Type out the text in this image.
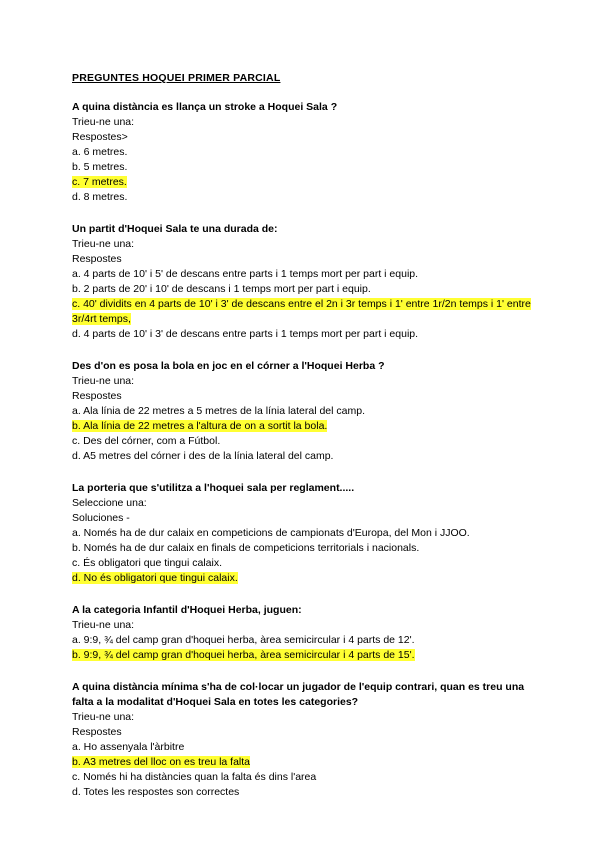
PREGUNTES HOQUEI PRIMER PARCIAL

A quina distància es llança un stroke a Hoquei Sala ?

Trieu-ne una:

Respostes>

a. 6 metres.

b. 5 metres.

c. 7 metres.

d. 8 metres.

Un partit d'Hoquei Sala te una durada de:

Trieu-ne una:

Respostes

a. 4 parts de 10' i 5' de descans entre parts i 1 temps mort per part i equip.

b. 2 parts de 20' i 10' de descans i 1 temps mort per part i equip.

c. 40' dividits en 4 parts de 10' i 3' de descans entre el 2n i 3r temps i 1' entre 1r/2n temps i 1' entre 3r/4rt temps,

d. 4 parts de 10' i 3' de descans entre parts i 1 temps mort per part i equip.

Des d'on es posa la bola en joc en el córner a l'Hoquei Herba ?

Trieu-ne una:

Respostes

a. Ala línia de 22 metres a 5 metres de la línia lateral del camp.

b. Ala línia de 22 metres a l'altura de on a sortit la bola.

c. Des del córner, com a Fútbol.

d. A5 metres del córner i des de la línia lateral del camp.

La porteria que s'utilitza a l'hoquei sala per reglament.....

Seleccione una:

Soluciones -

a. Només ha de dur calaix en competicions de campionats d'Europa, del Mon i JJOO.

b. Només ha de dur calaix en finals de competicions territorials i nacionals.

c. És obligatori que tingui calaix.

d. No és obligatori que tingui calaix.

A la categoria Infantil d'Hoquei Herba, juguen:

Trieu-ne una:

a. 9:9, ¾ del camp gran d'hoquei herba, àrea semicircular i 4 parts de 12'.

b. 9:9, ¾ del camp gran d'hoquei herba, àrea semicircular i 4 parts de 15'.

A quina distància mínima s'ha de col·locar un jugador de l'equip contrari, quan es treu una falta a la modalitat d'Hoquei Sala en totes les categories?

Trieu-ne una:

Respostes

a. Ho assenyala l'àrbitre

b. A3 metres del lloc on es treu la falta

c. Només hi ha distàncies quan la falta és dins l'area

d. Totes les respostes son correctes
